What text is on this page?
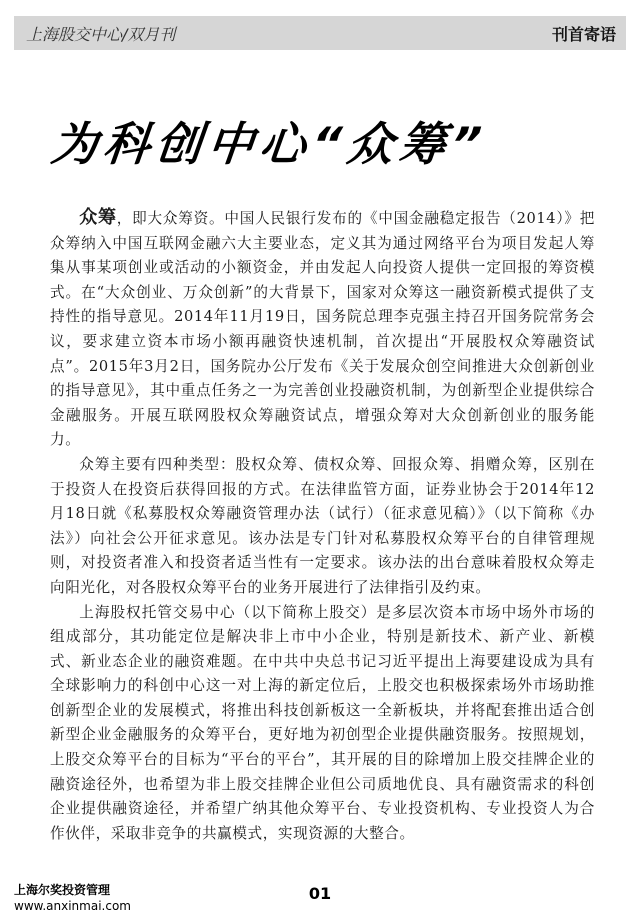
上海股交中心/双月刊	刊首寄语
为科创中心“众筹”

众筹，即大众筹资。中国人民银行发布的《中国金融稳定报告（2014）》把众筹纳入中国互联网金融六大主要业态，定义其为通过网络平台为项目发起人筹集从事某项创业或活动的小额资金，并由发起人向投资人提供一定回报的筹资模式。在“大众创业、万众创新”的大背景下，国家对众筹这一融资新模式提供了支持性的指导意见。2014年11月19日，国务院总理李克强主持召开国务院常务会议，要求建立资本市场小额再融资快速机制，首次提出“开展股权众筹融资试点”。2015年3月2日，国务院办公厅发布《关于发展众创空间推进大众创新创业的指导意见》，其中重点任务之一为完善创业投融资机制，为创新型企业提供综合金融服务。开展互联网股权众筹融资试点，增强众筹对大众创新创业的服务能力。

众筹主要有四种类型：股权众筹、债权众筹、回报众筹、捐赠众筹，区别在于投资人在投资后获得回报的方式。在法律监管方面，证券业协会于2014年12月18日就《私募股权众筹融资管理办法（试行）（征求意见稿）》（以下简称《办法》）向社会公开征求意见。该办法是专门针对私募股权众筹平台的自律管理规则，对投资者准入和投资者适当性有一定要求。该办法的出台意味着股权众筹走向阳光化，对各股权众筹平台的业务开展进行了法律指引及约束。

上海股权托管交易中心（以下简称上股交）是多层次资本市场中场外市场的组成部分，其功能定位是解决非上市中小企业，特别是新技术、新产业、新模式、新业态企业的融资难题。在中共中央总书记习近平提出上海要建设成为具有全球影响力的科创中心这一对上海的新定位后，上股交也积极探索场外市场助推创新型企业的发展模式，将推出科技创新板这一全新板块，并将配套推出适合创新型企业金融服务的众筹平台，更好地为初创型企业提供融资服务。按照规划，上股交众筹平台的目标为“平台的平台”，其开展的目的除增加上股交挂牌企业的融资途径外，也希望为非上股交挂牌企业但公司质地优良、具有融资需求的科创企业提供融资途径，并希望广纳其他众筹平台、专业投资机构、专业投资人为合作伙伴，采取非竞争的共赢模式，实现资源的大整合。

上海尔奖投资管理
www.anxinmai.com
01
